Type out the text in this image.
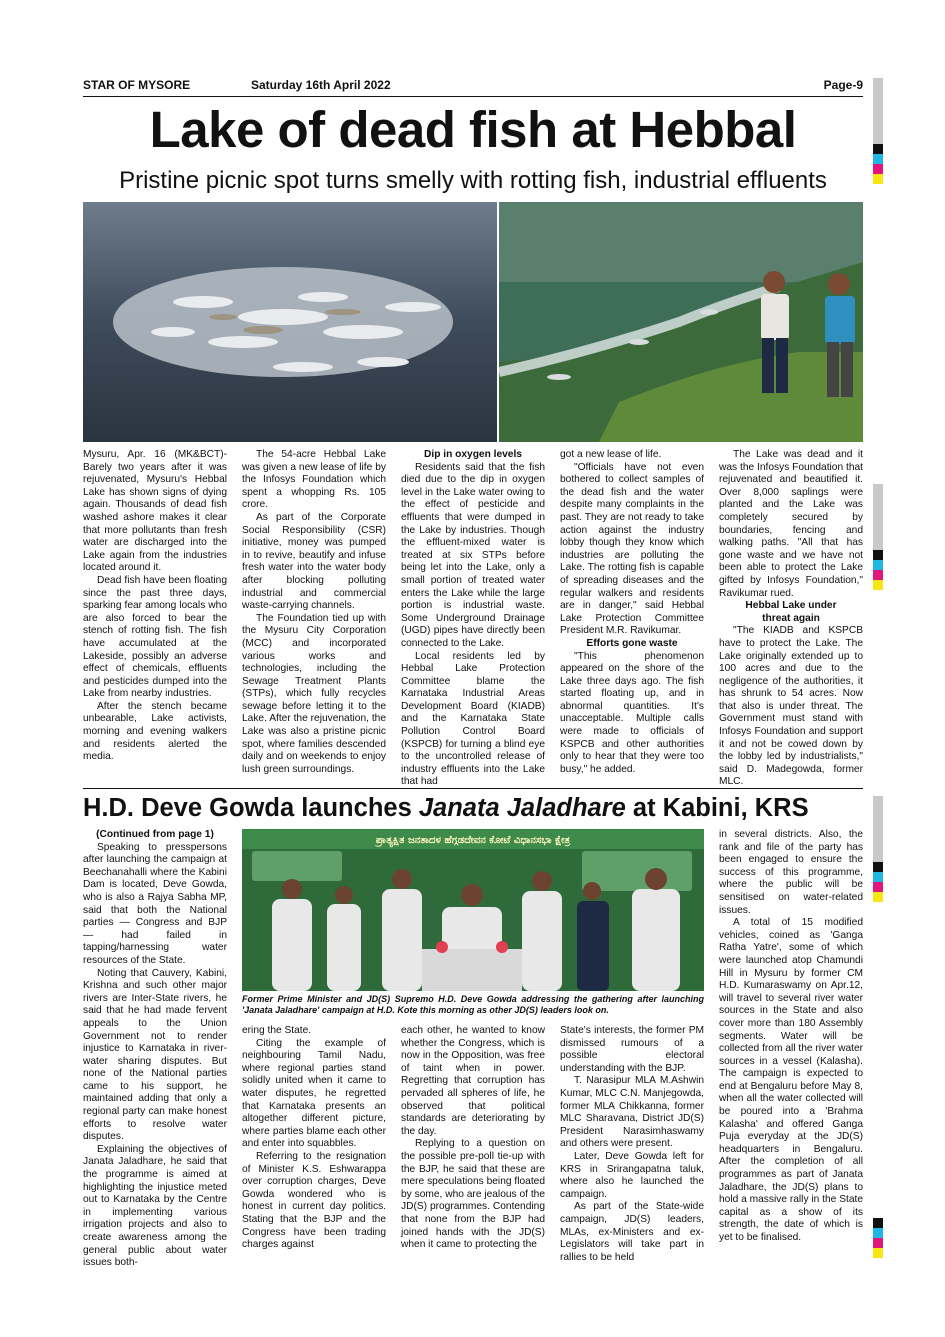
STAR OF MYSORE	Saturday 16th April 2022	Page-9
Lake of dead fish at Hebbal
Pristine picnic spot turns smelly with rotting fish, industrial effluents

Mysuru, Apr. 16 (MK&BCT)- Barely two years after it was rejuvenated, Mysuru's Hebbal Lake has shown signs of dying again. Thousands of dead fish washed ashore makes it clear that more pollutants than fresh water are discharged into the Lake again from the industries located around it.

Dead fish have been floating since the past three days, sparking fear among locals who are also forced to bear the stench of rotting fish. The fish have accumulated at the Lakeside, possibly an adverse effect of chemicals, effluents and pesticides dumped into the Lake from nearby industries.

After the stench became unbearable, Lake activists, morning and evening walkers and residents alerted the media.

The 54-acre Hebbal Lake was given a new lease of life by the Infosys Foundation which spent a whopping Rs. 105 crore.

As part of the Corporate Social Responsibility (CSR) initiative, money was pumped in to revive, beautify and infuse fresh water into the water body after blocking polluting industrial and commercial waste-carrying channels.

The Foundation tied up with the Mysuru City Corporation (MCC) and incorporated various works and technologies, including the Sewage Treatment Plants (STPs), which fully recycles sewage before letting it to the Lake. After the rejuvenation, the Lake was also a pristine picnic spot, where families descended daily and on weekends to enjoy lush green surroundings.

Dip in oxygen levels

Residents said that the fish died due to the dip in oxygen level in the Lake water owing to the effect of pesticide and effluents that were dumped in the Lake by industries. Though the effluent-mixed water is treated at six STPs before being let into the Lake, only a small portion of treated water enters the Lake while the large portion is industrial waste. Some Underground Drainage (UGD) pipes have directly been connected to the Lake.

Local residents led by Hebbal Lake Protection Committee blame the Karnataka Industrial Areas Development Board (KIADB) and the Karnataka State Pollution Control Board (KSPCB) for turning a blind eye to the uncontrolled release of industry effluents into the Lake that had

got a new lease of life.

"Officials have not even bothered to collect samples of the dead fish and the water despite many complaints in the past. They are not ready to take action against the industry lobby though they know which industries are polluting the Lake. The rotting fish is capable of spreading diseases and the regular walkers and residents are in danger," said Hebbal Lake Protection Committee President M.R. Ravikumar.

Efforts gone waste

"This phenomenon appeared on the shore of the Lake three days ago. The fish started floating up, and in abnormal quantities. It's unacceptable. Multiple calls were made to officials of KSPCB and other authorities only to hear that they were too busy," he added.

The Lake was dead and it was the Infosys Foundation that rejuvenated and beautified it. Over 8,000 saplings were planted and the Lake was completely secured by boundaries, fencing and walking paths. "All that has gone waste and we have not been able to protect the Lake gifted by Infosys Foundation," Ravikumar rued.

Hebbal Lake under

threat again

"The KIADB and KSPCB have to protect the Lake. The Lake originally extended up to 100 acres and due to the negligence of the authorities, it has shrunk to 54 acres. Now that also is under threat. The Government must stand with Infosys Foundation and support it and not be cowed down by the lobby led by industrialists," said D. Madegowda, former MLC.

H.D. Deve Gowda launches Janata Jaladhare at Kabini, KRS
ಪ್ರಾತ್ಯಕ್ಷಿತ ಜನತಾದಳ ಹೆಗ್ಗಡದೇವನ ಕೋಟೆ ವಿಧಾನಸಭಾ ಕ್ಷೇತ್ರ
Former Prime Minister and JD(S) Supremo H.D. Deve Gowda addressing the gathering after launching 'Janata Jaladhare' campaign at H.D. Kote this morning as other JD(S) leaders look on.

(Continued from page 1)

Speaking to presspersons after launching the campaign at Beechanahalli where the Kabini Dam is located, Deve Gowda, who is also a Rajya Sabha MP, said that both the National parties — Congress and BJP — had failed in tapping/harnessing water resources of the State.

Noting that Cauvery, Kabini, Krishna and such other major rivers are Inter-State rivers, he said that he had made fervent appeals to the Union Government not to render injustice to Karnataka in river-water sharing disputes. But none of the National parties came to his support, he maintained adding that only a regional party can make honest efforts to resolve water disputes.

Explaining the objectives of Janata Jaladhare, he said that the programme is aimed at highlighting the injustice meted out to Karnataka by the Centre in implementing various irrigation projects and also to create awareness among the general public about water issues both-

ering the State.

Citing the example of neighbouring Tamil Nadu, where regional parties stand solidly united when it came to water disputes, he regretted that Karnataka presents an altogether different picture, where parties blame each other and enter into squabbles.

Referring to the resignation of Minister K.S. Eshwarappa over corruption charges, Deve Gowda wondered who is honest in current day politics. Stating that the BJP and the Congress have been trading charges against

each other, he wanted to know whether the Congress, which is now in the Opposition, was free of taint when in power. Regretting that corruption has pervaded all spheres of life, he observed that political standards are deteriorating by the day.

Replying to a question on the possible pre-poll tie-up with the BJP, he said that these are mere speculations being floated by some, who are jealous of the JD(S) programmes. Contending that none from the BJP had joined hands with the JD(S) when it came to protecting the

State's interests, the former PM dismissed rumours of a possible electoral understanding with the BJP.

T. Narasipur MLA M.Ashwin Kumar, MLC C.N. Manjegowda, former MLA Chikkanna, former MLC Sharavana, District JD(S) President Narasimhaswamy and others were present.

Later, Deve Gowda left for KRS in Srirangapatna taluk, where also he launched the campaign.

As part of the State-wide campaign, JD(S) leaders, MLAs, ex-Ministers and ex-Legislators will take part in rallies to be held

in several districts. Also, the rank and file of the party has been engaged to ensure the success of this programme, where the public will be sensitised on water-related issues.

A total of 15 modified vehicles, coined as 'Ganga Ratha Yatre', some of which were launched atop Chamundi Hill in Mysuru by former CM H.D. Kumaraswamy on Apr.12, will travel to several river water sources in the State and also cover more than 180 Assembly segments. Water will be collected from all the river water sources in a vessel (Kalasha). The campaign is expected to end at Bengaluru before May 8, when all the water collected will be poured into a 'Brahma Kalasha' and offered Ganga Puja everyday at the JD(S) headquarters in Bengaluru. After the completion of all programmes as part of Janata Jaladhare, the JD(S) plans to hold a massive rally in the State capital as a show of its strength, the date of which is yet to be finalised.
